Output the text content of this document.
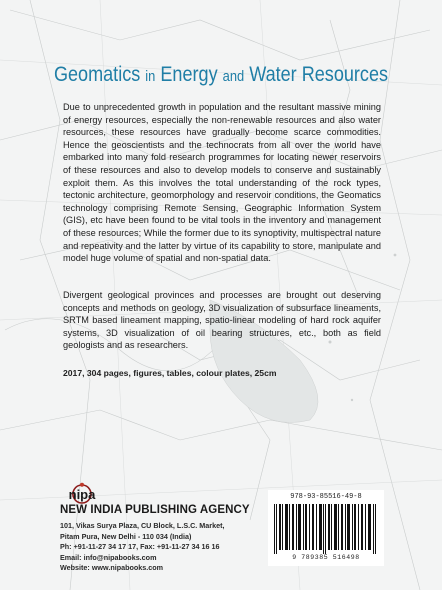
Geomatics in Energy and Water Resources

Due to unprecedented growth in population and the resultant massive mining of energy resources, especially the non-renewable resources and also water resources, these resources have gradually become scarce commodities. Hence the geoscientists and the technocrats from all over the world have embarked into many fold research programmes for locating newer reservoirs of these resources and also to develop models to conserve and sustainably exploit them. As this involves the total understanding of the rock types, tectonic architecture, geomorphology and reservoir conditions, the Geomatics technology comprising Remote Sensing, Geographic Information System (GIS), etc have been found to be vital tools in the inventory and management of these resources; While the former due to its synoptivity, multispectral nature and repeativity and the latter by virtue of its capability to store, manipulate and model huge volume of spatial and non-spatial data.

Divergent geological provinces and processes are brought out deserving concepts and methods on geology, 3D visualization of subsurface lineaments, SRTM based lineament mapping, spatio-linear modeling of hard rock aquifer systems, 3D visualization of oil bearing structures, etc., both as field geologists and as researchers.

2017, 304 pages, figures, tables, colour plates, 25cm
nipa
NEW INDIA PUBLISHING AGENCY
101, Vikas Surya Plaza, CU Block, L.S.C. Market,
Pitam Pura, New Delhi - 110 034 (India)
Ph: +91-11-27 34 17 17, Fax: +91-11-27 34 16 16
Email: info@nipabooks.com
Website: www.nipabooks.com
978-93-85516-49-8
9 789385 516498
